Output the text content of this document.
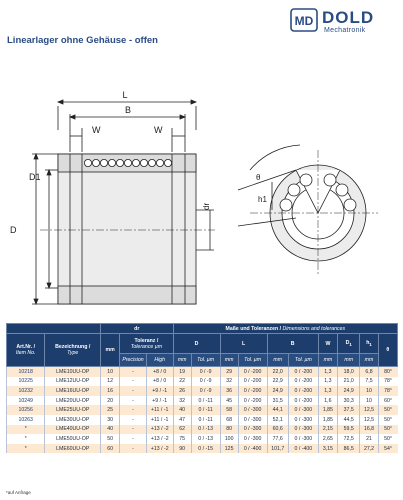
MD DOLD
Mechatronik
Linearlager ohne Gehäuse - offen
L
B
W	W
D
D1
dr
θ
h1
		dr			Maße und Toleranzen / Dimensions and tolerances									
Art.Nr. /
Item No.	Bezeichnung /
Type	mm	Toleranz /
Tolerance µm		D		L		B		W	$D_1$	$h_1$	θ
			Precision	High	mm	Tol. µm	mm	Tol. µm	mm	Tol. µm	mm	mm	mm	
10218	LME10UU-OP	10	-	+8 / 0	19	0 / -9	29	0 / -200	22,0	0 / -200	1,3	18,0	6,8	80°
10225	LME12UU-OP	12	-	+8 / 0	22	0 / -9	32	0 / -200	22,9	0 / -200	1,3	21,0	7,5	78°
10232	LME16UU-OP	16	-	+9 / -1	26	0 / -9	36	0 / -200	24,9	0 / -200	1,3	24,9	10	78°
10249	LME20UU-OP	20	-	+9 / -1	32	0 / -11	45	0 / -200	31,5	0 / -200	1,6	30,3	10	60°
10256	LME25UU-OP	25	-	+11 / -1	40	0 / -11	58	0 / -300	44,1	0 / -300	1,85	37,5	12,5	50°
10263	LME30UU-OP	30	-	+11 / -1	47	0 / -11	68	0 / -300	52,1	0 / -300	1,85	44,5	12,5	50°
*	LME40UU-OP	40	-	+13 / -2	62	0 / -13	80	0 / -300	60,6	0 / -300	2,15	59,5	16,8	50°
*	LME50UU-OP	50	-	+13 / -2	75	0 / -13	100	0 / -300	77,6	0 / -300	2,65	72,5	21	50°
*	LME60UU-OP	60	-	+13 / -2	90	0 / -15	125	0 / -400	101,7	0 / -400	3,15	86,5	27,2	54°
*auf Anfrage
